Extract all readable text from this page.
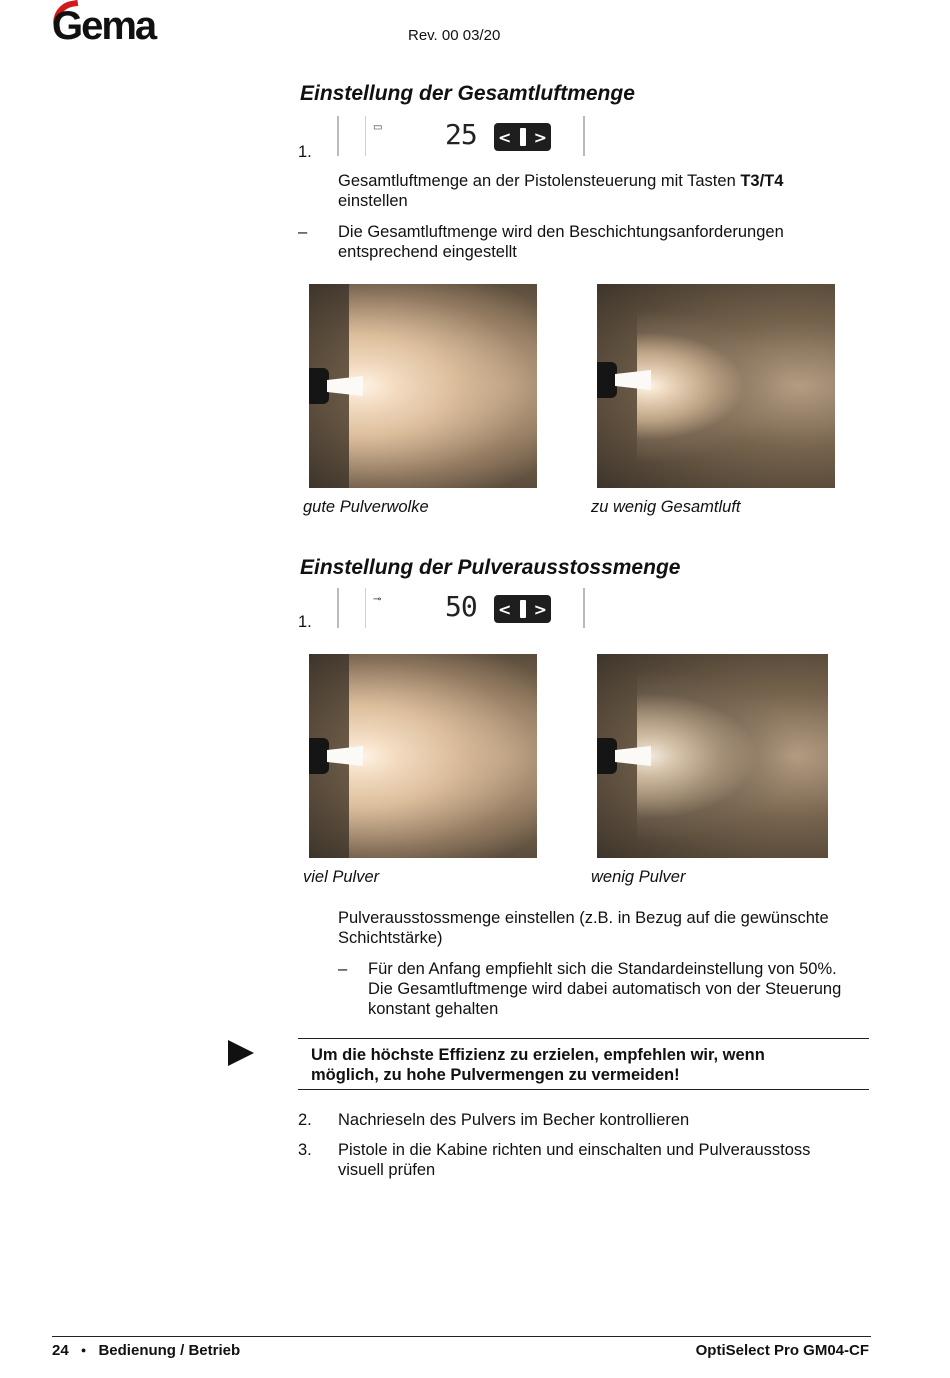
Gema	Rev. 00 03/20
Einstellung der Gesamtluftmenge
1.
▭ 25 < >
Gesamtluftmenge an der Pistolensteuerung mit Tasten T3/T4
einstellen
– Die Gesamtluftmenge wird den Beschichtungsanforderungen
entsprechend eingestellt
gute Pulverwolke	zu wenig Gesamtluft
Einstellung der Pulverausstossmenge
1.
⊸ 50 < >
viel Pulver	wenig Pulver
Pulverausstossmenge einstellen (z.B. in Bezug auf die gewünschte
Schichtstärke)
– Für den Anfang empfiehlt sich die Standardeinstellung von 50%.
Die Gesamtluftmenge wird dabei automatisch von der Steuerung
konstant gehalten
Um die höchste Effizienz zu erzielen, empfehlen wir, wenn
möglich, zu hohe Pulvermengen zu vermeiden!
2. Nachrieseln des Pulvers im Becher kontrollieren
3. Pistole in die Kabine richten und einschalten und Pulverausstoss
visuell prüfen
24 ● Bedienung / Betrieb	OptiSelect Pro GM04-CF
